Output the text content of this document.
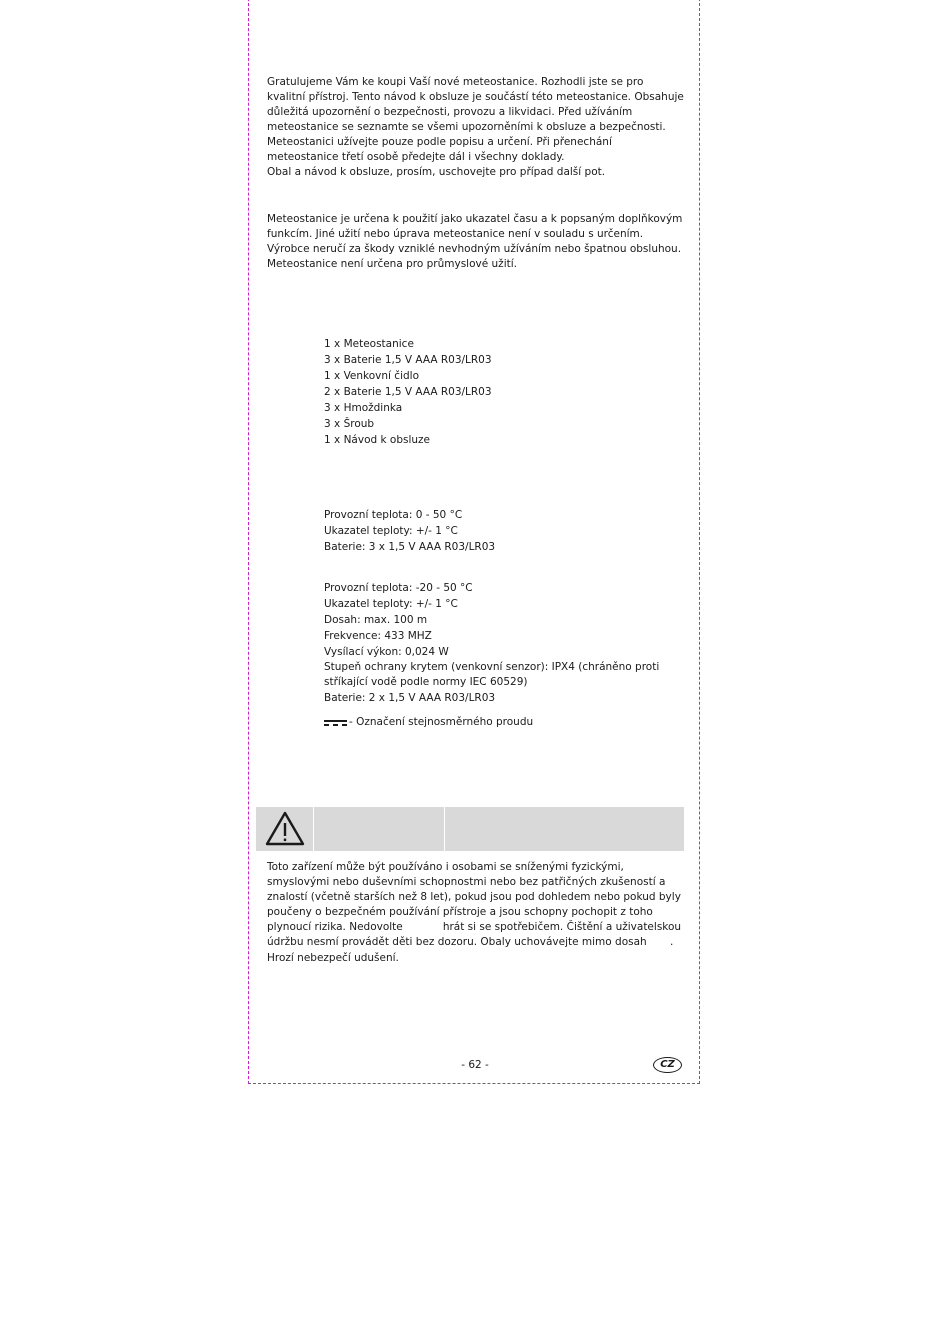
Gratulujeme Vám ke koupi Vaší nové meteostanice. Rozhodli jste se pro kvalitní přístroj. Tento návod k obsluze je součástí této meteostanice. Obsahuje důležitá upozornění o bezpečnosti, provozu a likvidaci. Před užíváním meteostanice se seznamte se všemi upozorněními k obsluze a bezpečnosti. Meteostanici užívejte pouze podle popisu a určení. Při přenechání meteostanice třetí osobě předejte dál i všechny doklady.

Obal a návod k obsluze, prosím, uschovejte pro případ další pot.

Meteostanice je určena k použití jako ukazatel času a k popsaným doplňkovým funkcím. Jiné užití nebo úprava meteostanice není v souladu s určením. Výrobce neručí za škody vzniklé nevhodným užíváním nebo špatnou obsluhou. Meteostanice není určena pro průmyslové užití.

1 x Meteostanice
3 x Baterie 1,5 V AAA R03/LR03
1 x Venkovní čidlo
2 x Baterie 1,5 V AAA R03/LR03
3 x Hmoždinka
3 x Šroub
1 x Návod k obsluze
Provozní teplota: 0 - 50 °C
Ukazatel teploty: +/- 1 °C
Baterie: 3 x 1,5 V AAA R03/LR03
Provozní teplota: -20 - 50 °C
Ukazatel teploty: +/- 1 °C
Dosah: max. 100 m
Frekvence: 433 MHZ
Vysílací výkon: 0,024 W
Stupeň ochrany krytem (venkovní senzor): IPX4 (chráněno proti stříkající vodě podle normy IEC 60529)
Baterie: 2 x 1,5 V AAA R03/LR03
- Označení stejnosměrného proudu

Toto zařízení může být používáno i osobami se sníženými fyzickými, smyslovými nebo duševními schopnostmi nebo bez patřičných zkušeností a znalostí (včetně starších než 8 let), pokud jsou pod dohledem nebo pokud byly poučeny o bezpečném používání přístroje a jsou schopny pochopit z toho plynoucí rizika. Nedovolte            hrát si se spotřebičem. Čištění a uživatelskou údržbu nesmí provádět děti bez dozoru. Obaly uchovávejte mimo dosah       . Hrozí nebezpečí udušení.

- 62 -	CZ
